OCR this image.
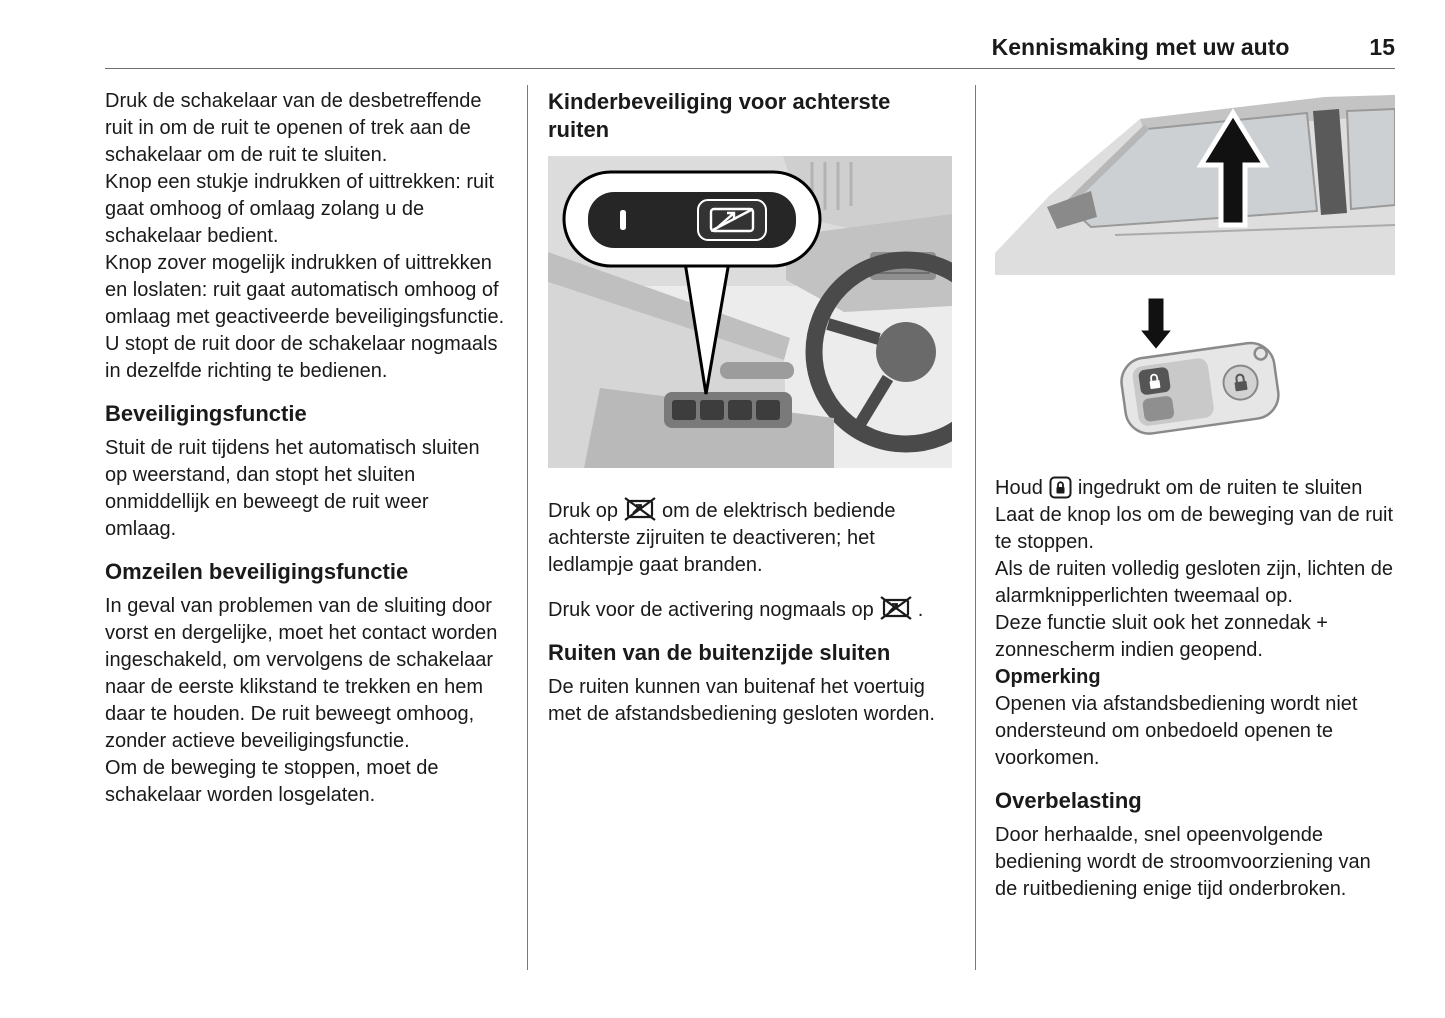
Kennismaking met uw auto	15

Druk de schakelaar van de desbetreffende ruit in om de ruit te openen of trek aan de schakelaar om de ruit te sluiten.

Knop een stukje indrukken of uittrekken: ruit gaat omhoog of omlaag zolang u de schakelaar bedient.

Knop zover mogelijk indrukken of uittrekken en loslaten: ruit gaat automatisch omhoog of omlaag met geactiveerde beveiligingsfunctie. U stopt de ruit door de schakelaar nogmaals in dezelfde richting te bedienen.

Beveiligingsfunctie

Stuit de ruit tijdens het automatisch sluiten op weerstand, dan stopt het sluiten onmiddellijk en beweegt de ruit weer omlaag.

Omzeilen beveiligingsfunctie

In geval van problemen van de sluiting door vorst en dergelijke, moet het contact worden ingeschakeld, om vervolgens de schakelaar naar de eerste klikstand te trekken en hem daar te houden. De ruit beweegt omhoog, zonder actieve beveiligingsfunctie.

Om de beweging te stoppen, moet de schakelaar worden losgelaten.

Kinderbeveiliging voor achterste ruiten

Druk op om de elektrisch bediende achterste zijruiten te deactiveren; het ledlampje gaat branden.

Druk voor de activering nogmaals op .

Ruiten van de buitenzijde sluiten

De ruiten kunnen van buitenaf het voertuig met de afstandsbediening gesloten worden.

Houd ingedrukt om de ruiten te sluiten

Laat de knop los om de beweging van de ruit te stoppen.

Als de ruiten volledig gesloten zijn, lichten de alarmknipperlichten tweemaal op.

Deze functie sluit ook het zonnedak + zonnescherm indien geopend.

Opmerking

Openen via afstandsbediening wordt niet ondersteund om onbedoeld openen te voorkomen.

Overbelasting

Door herhaalde, snel opeenvolgende bediening wordt de stroomvoorziening van de ruitbediening enige tijd onderbroken.
